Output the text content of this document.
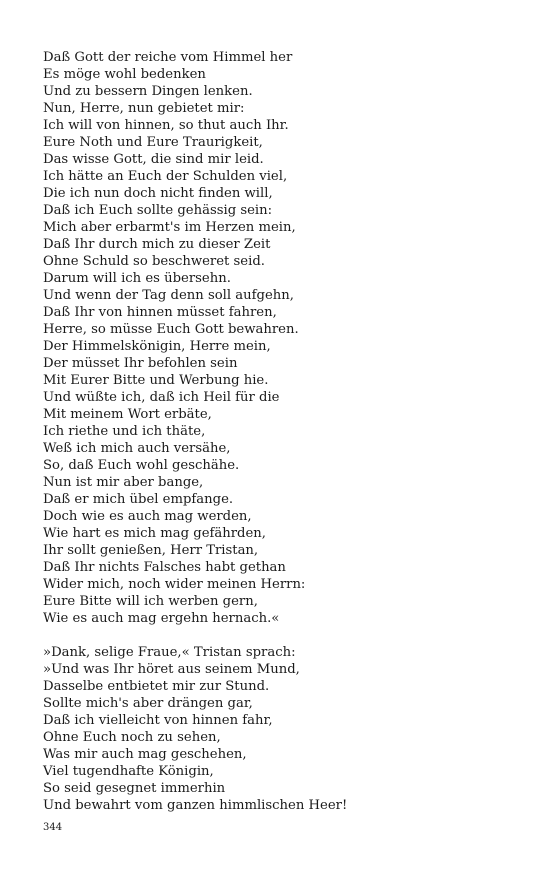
Daß Gott der reiche vom Himmel her
Es möge wohl bedenken
Und zu bessern Dingen lenken.
Nun, Herre, nun gebietet mir:
Ich will von hinnen, so thut auch Ihr.
Eure Noth und Eure Traurigkeit,
Das wisse Gott, die sind mir leid.
Ich hätte an Euch der Schulden viel,
Die ich nun doch nicht finden will,
Daß ich Euch sollte gehässig sein:
Mich aber erbarmt's im Herzen mein,
Daß Ihr durch mich zu dieser Zeit
Ohne Schuld so beschweret seid.
Darum will ich es übersehn.
Und wenn der Tag denn soll aufgehn,
Daß Ihr von hinnen müsset fahren,
Herre, so müsse Euch Gott bewahren.
Der Himmelskönigin, Herre mein,
Der müsset Ihr befohlen sein
Mit Eurer Bitte und Werbung hie.
Und wüßte ich, daß ich Heil für die
Mit meinem Wort erbäte,
Ich riethe und ich thäte,
Weß ich mich auch versähe,
So, daß Euch wohl geschähe.
Nun ist mir aber bange,
Daß er mich übel empfange.
Doch wie es auch mag werden,
Wie hart es mich mag gefährden,
Ihr sollt genießen, Herr Tristan,
Daß Ihr nichts Falsches habt gethan
Wider mich, noch wider meinen Herrn:
Eure Bitte will ich werben gern,
Wie es auch mag ergehn hernach.«
»Dank, selige Fraue,« Tristan sprach:
»Und was Ihr höret aus seinem Mund,
Dasselbe entbietet mir zur Stund.
Sollte mich's aber drängen gar,
Daß ich vielleicht von hinnen fahr,
Ohne Euch noch zu sehen,
Was mir auch mag geschehen,
Viel tugendhafte Königin,
So seid gesegnet immerhin
Und bewahrt vom ganzen himmlischen Heer!
344
